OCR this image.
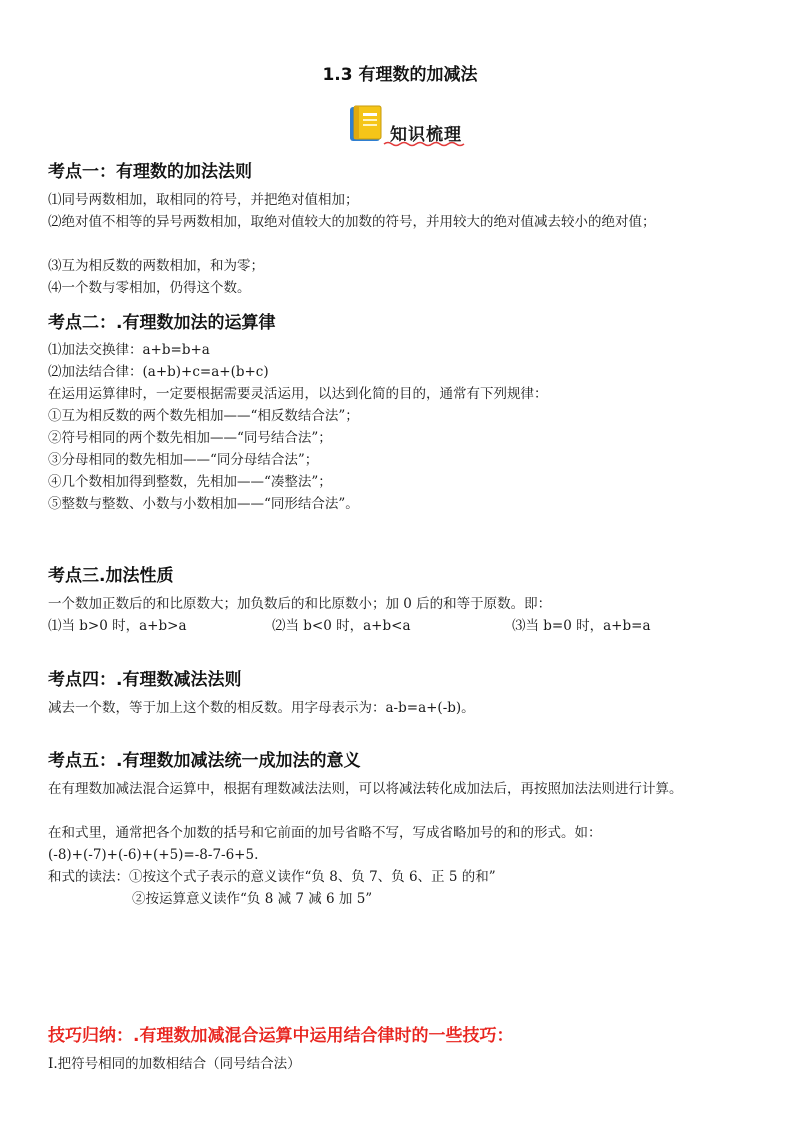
1.3 有理数的加减法
知识梳理
考点一：有理数的加法法则
⑴同号两数相加，取相同的符号，并把绝对值相加；
⑵绝对值不相等的异号两数相加，取绝对值较大的加数的符号，并用较大的绝对值减去较小的绝对值；
⑶互为相反数的两数相加，和为零；
⑷一个数与零相加，仍得这个数。
考点二：.有理数加法的运算律
⑴加法交换律：a+b=b+a
⑵加法结合律：(a+b)+c=a+(b+c)
在运用运算律时，一定要根据需要灵活运用，以达到化简的目的，通常有下列规律：
①互为相反数的两个数先相加——“相反数结合法”；
②符号相同的两个数先相加——“同号结合法”；
③分母相同的数先相加——“同分母结合法”；
④几个数相加得到整数，先相加——“凑整法”；
⑤整数与整数、小数与小数相加——“同形结合法”。
考点三.加法性质
一个数加正数后的和比原数大；加负数后的和比原数小；加 0 后的和等于原数。即：
⑴当 b>0 时，a+b>a	⑵当 b<0 时，a+b<a	⑶当 b=0 时，a+b=a
考点四：.有理数减法法则
减去一个数，等于加上这个数的相反数。用字母表示为：a-b=a+(-b)。
考点五：.有理数加减法统一成加法的意义
在有理数加减法混合运算中，根据有理数减法法则，可以将减法转化成加法后，再按照加法法则进行计算。
在和式里，通常把各个加数的括号和它前面的加号省略不写，写成省略加号的和的形式。如：
(-8)+(-7)+(-6)+(+5)=-8-7-6+5.
和式的读法：①按这个式子表示的意义读作“负 8、负 7、负 6、正 5 的和”
②按运算意义读作“负 8 减 7 减 6 加 5”
技巧归纳：.有理数加减混合运算中运用结合律时的一些技巧：
Ⅰ.把符号相同的加数相结合（同号结合法）
